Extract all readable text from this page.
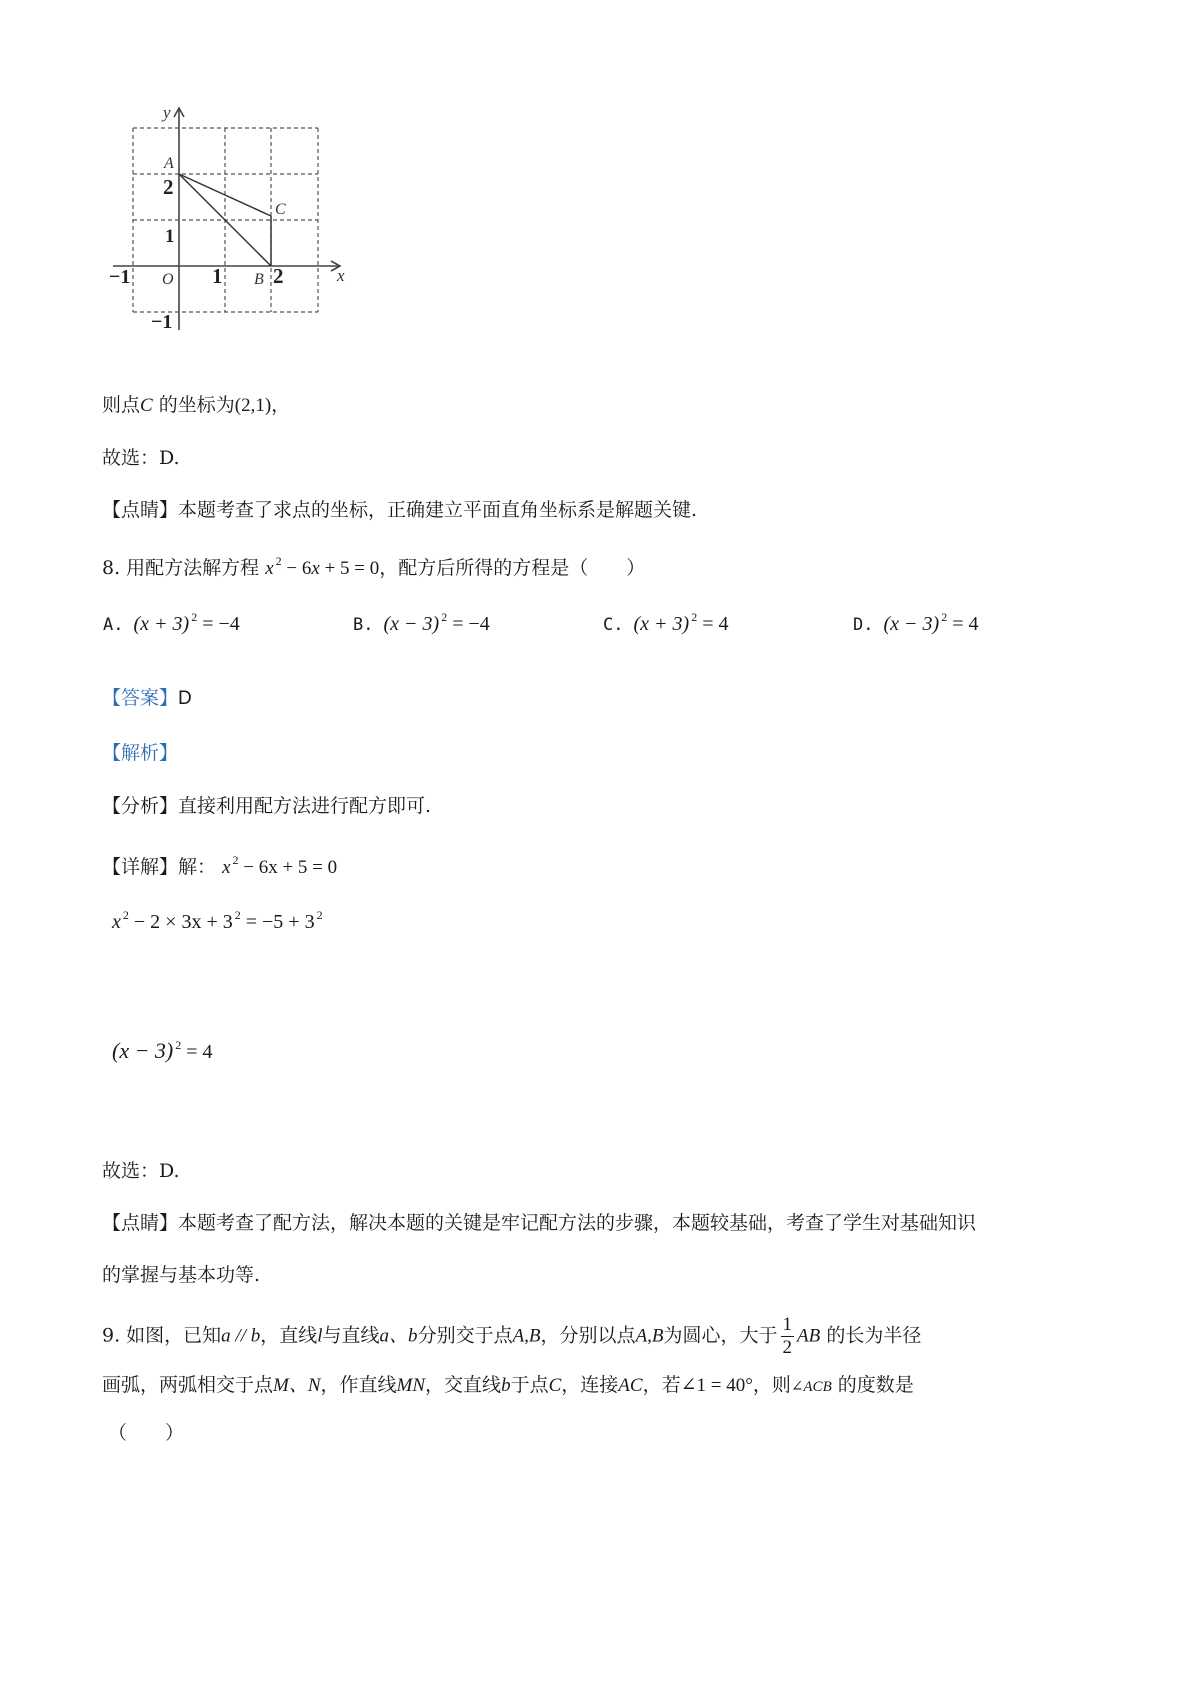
y
x
A
C
B
O
2
1
−1	1 2
−1
则点C 的坐标为(2,1)，
故选：D.
【点睛】本题考查了求点的坐标，正确建立平面直角坐标系是解题关键.
8. 用配方法解方程 x $^2$ − 6x + 5 = 0，配方后所得的方程是（　　）
A. (x + 3) $^2$ = −4	B. (x − 3) $^2$ = −4	C. (x + 3) $^2$ = 4	D. (x − 3) $^2$ = 4
【答案】D
【解析】
【分析】直接利用配方法进行配方即可.
【详解】解： x $^2$ − 6x + 5 = 0
x $^2$ − 2 × 3x + 3 $^2$ = −5 + 3 $^2$
(x − 3) $^2$ = 4
故选：D.
【点睛】本题考查了配方法，解决本题的关键是牢记配方法的步骤，本题较基础，考查了学生对基础知识
的掌握与基本功等.
9. 如图，已知a // b，直线l与直线a、b分别交于点A,B，分别以点A,B为圆心，大于 $\frac{1}{2}$ AB 的长为半径
画弧，两弧相交于点M、N，作直线MN，交直线b于点C，连接AC，若∠1 = 40°，则∠ACB 的度数是
（　　）
